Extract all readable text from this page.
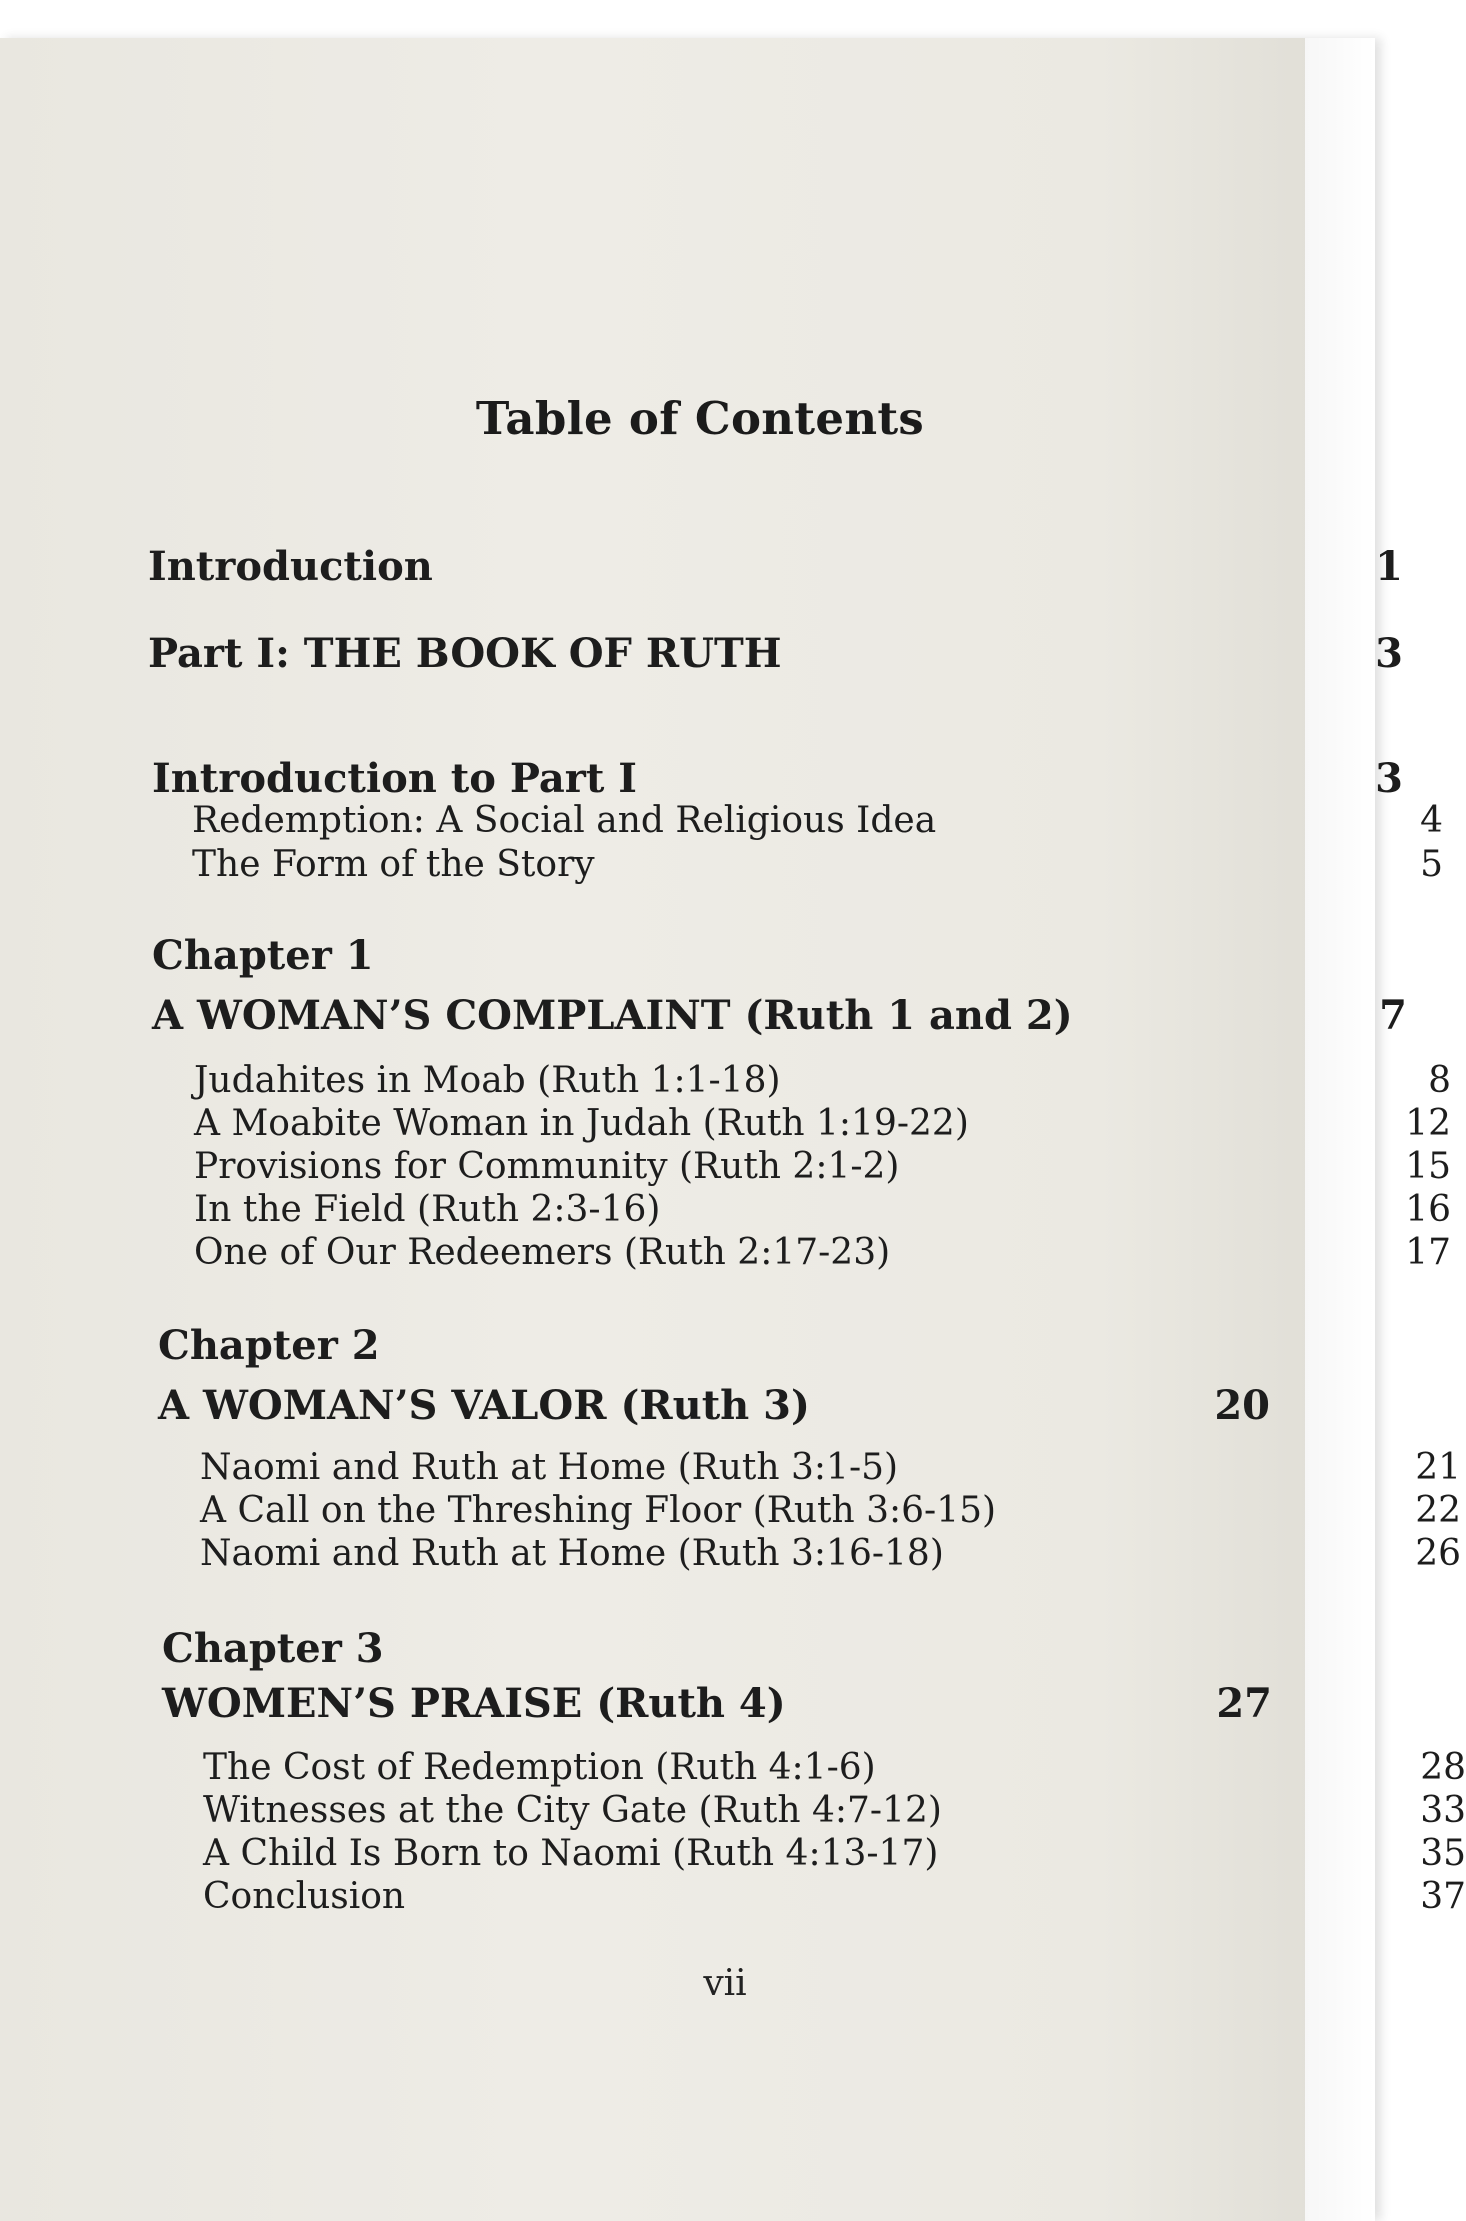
Table of Contents
Introduction	1
Part I: THE BOOK OF RUTH	3
Introduction to Part I	3
Redemption: A Social and Religious Idea	4
The Form of the Story	5
Chapter 1
A WOMAN’S COMPLAINT (Ruth 1 and 2)	7
Judahites in Moab (Ruth 1:1-18)	8
A Moabite Woman in Judah (Ruth 1:19-22)	12
Provisions for Community (Ruth 2:1-2)	15
In the Field (Ruth 2:3-16)	16
One of Our Redeemers (Ruth 2:17-23)	17
Chapter 2
A WOMAN’S VALOR (Ruth 3)	20
Naomi and Ruth at Home (Ruth 3:1-5)	21
A Call on the Threshing Floor (Ruth 3:6-15)	22
Naomi and Ruth at Home (Ruth 3:16-18)	26
Chapter 3
WOMEN’S PRAISE (Ruth 4)	27
The Cost of Redemption (Ruth 4:1-6)	28
Witnesses at the City Gate (Ruth 4:7-12)	33
A Child Is Born to Naomi (Ruth 4:13-17)	35
Conclusion	37
vii
